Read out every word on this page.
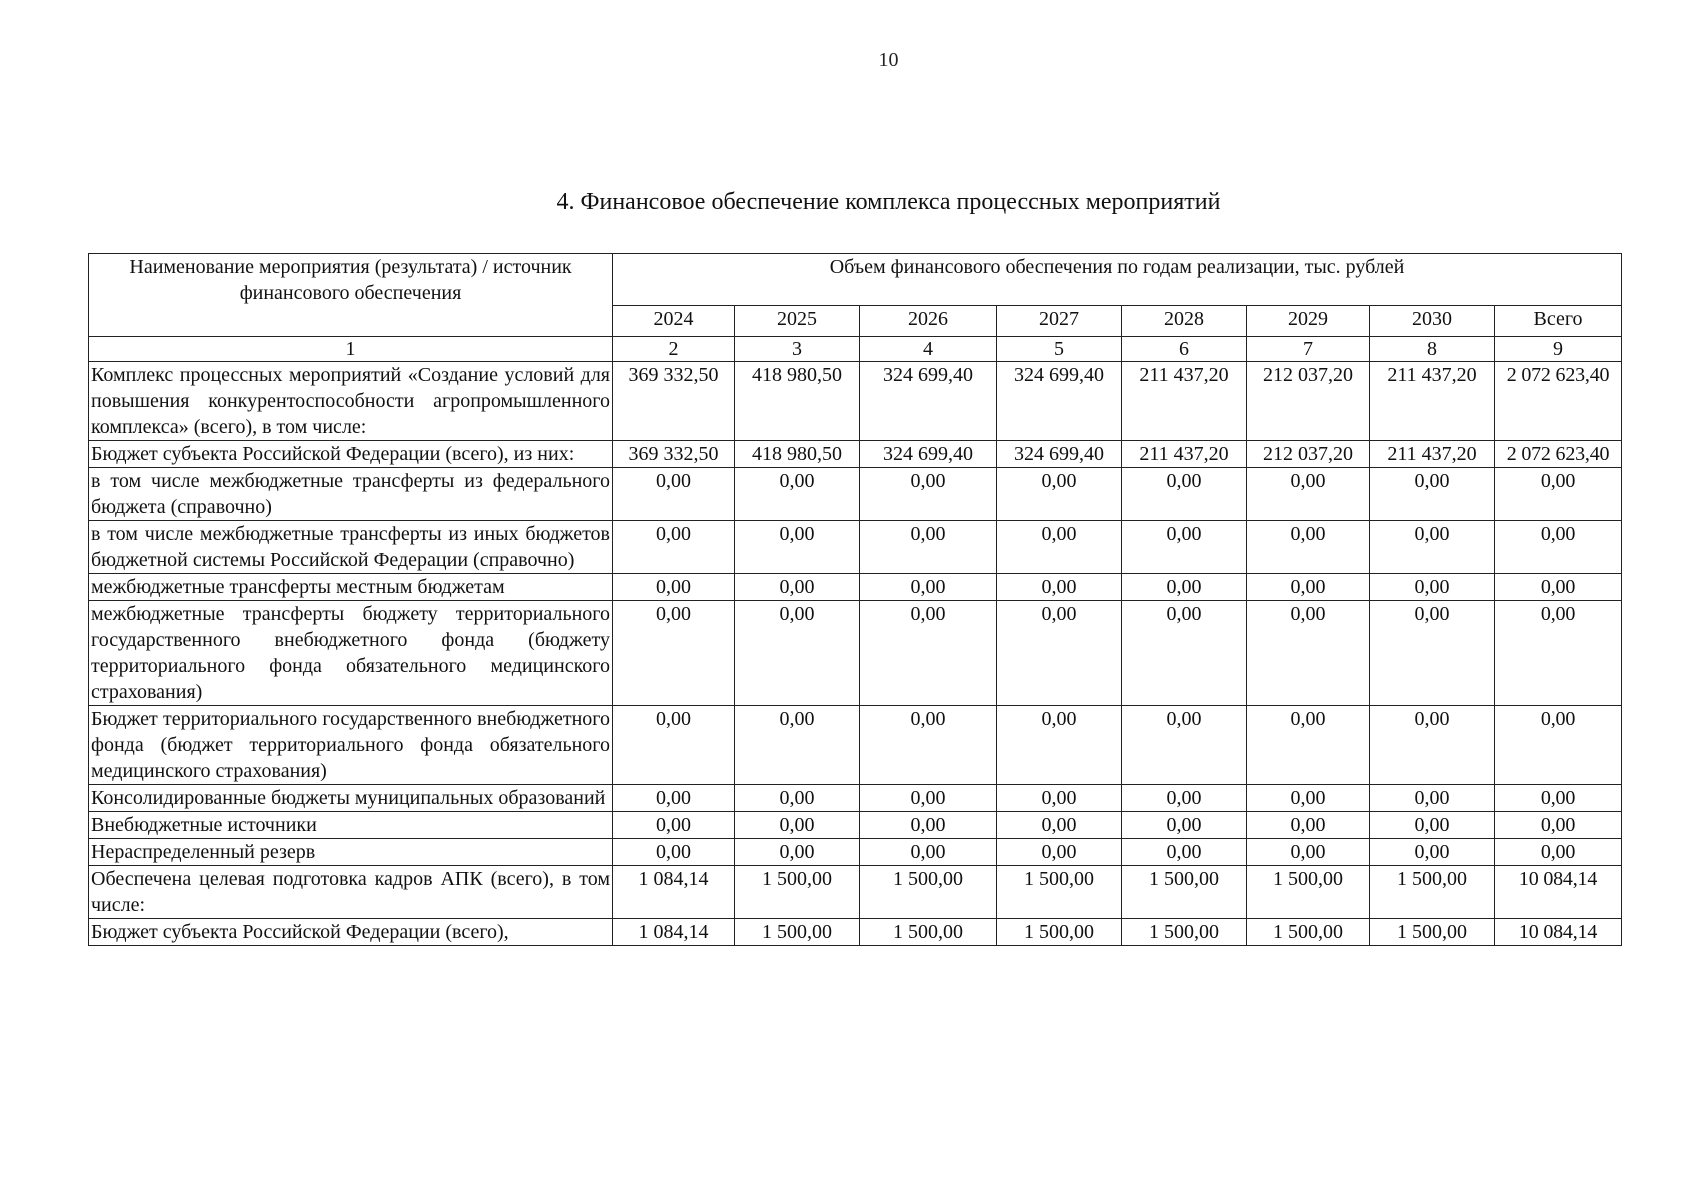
10
4. Финансовое обеспечение комплекса процессных мероприятий
Наименование мероприятия (результата) / источник финансового обеспечения	Объем финансового обеспечения по годам реализации, тыс. рублей							
	2024	2025	2026	2027	2028	2029	2030	Всего
1	2	3	4	5	6	7	8	9
Комплекс процессных мероприятий «Создание условий для повышения конкурентоспособности агропромышленного комплекса» (всего), в том числе:	369 332,50	418 980,50	324 699,40	324 699,40	211 437,20	212 037,20	211 437,20	2 072 623,40
Бюджет субъекта Российской Федерации (всего), из них:	369 332,50	418 980,50	324 699,40	324 699,40	211 437,20	212 037,20	211 437,20	2 072 623,40
в том числе межбюджетные трансферты из федерального бюджета (справочно)	0,00	0,00	0,00	0,00	0,00	0,00	0,00	0,00
в том числе межбюджетные трансферты из иных бюджетов бюджетной системы Российской Федерации (справочно)	0,00	0,00	0,00	0,00	0,00	0,00	0,00	0,00
межбюджетные трансферты местным бюджетам	0,00	0,00	0,00	0,00	0,00	0,00	0,00	0,00
межбюджетные трансферты бюджету территориального государственного внебюджетного фонда (бюджету территориального фонда обязательного медицинского страхования)	0,00	0,00	0,00	0,00	0,00	0,00	0,00	0,00
Бюджет территориального государственного внебюджетного фонда (бюджет территориального фонда обязательного медицинского страхования)	0,00	0,00	0,00	0,00	0,00	0,00	0,00	0,00
Консолидированные бюджеты муниципальных образований	0,00	0,00	0,00	0,00	0,00	0,00	0,00	0,00
Внебюджетные источники	0,00	0,00	0,00	0,00	0,00	0,00	0,00	0,00
Нераспределенный резерв	0,00	0,00	0,00	0,00	0,00	0,00	0,00	0,00
Обеспечена целевая подготовка кадров АПК (всего), в том числе:	1 084,14	1 500,00	1 500,00	1 500,00	1 500,00	1 500,00	1 500,00	10 084,14
Бюджет субъекта Российской Федерации (всего),	1 084,14	1 500,00	1 500,00	1 500,00	1 500,00	1 500,00	1 500,00	10 084,14
